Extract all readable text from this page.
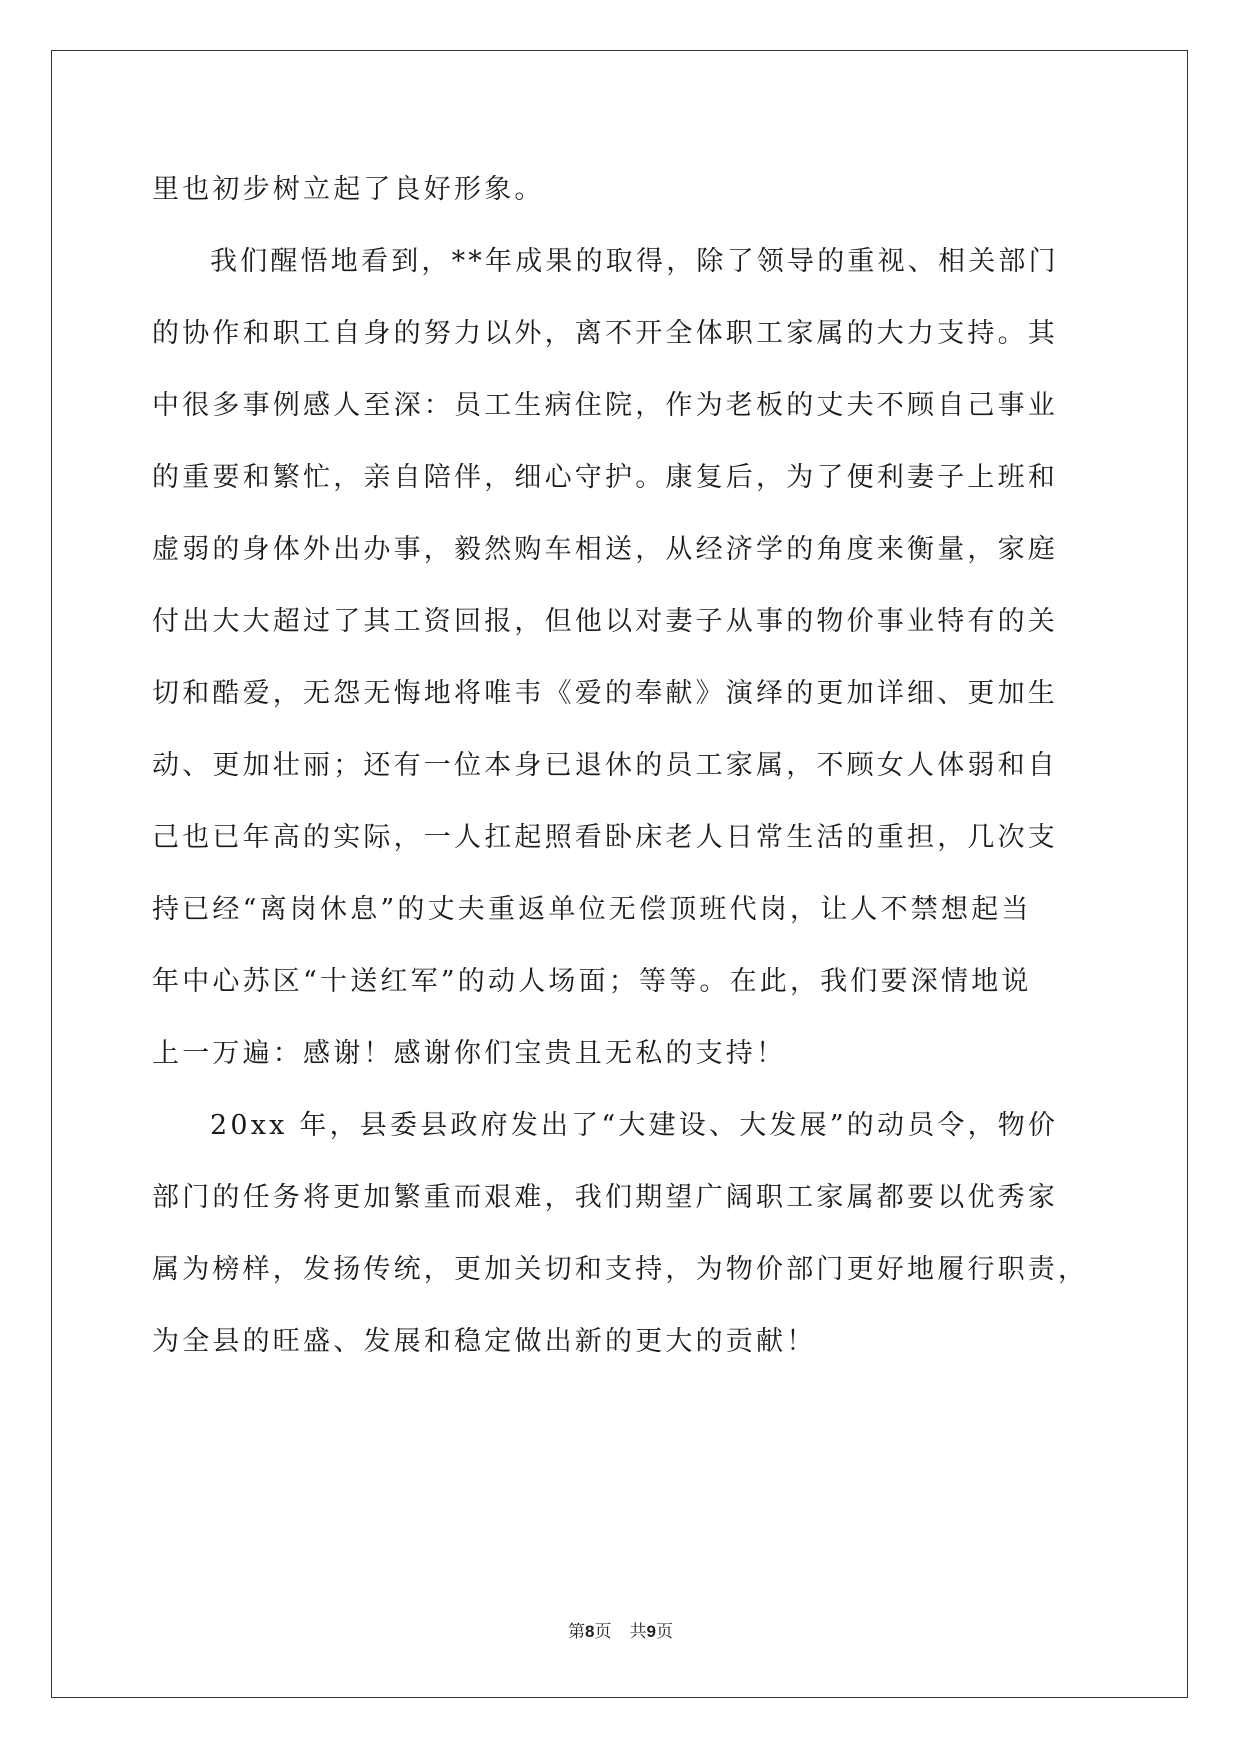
里也初步树立起了良好形象。
我们醒悟地看到，**年成果的取得，除了领导的重视、相关部门
的协作和职工自身的努力以外，离不开全体职工家属的大力支持。其
中很多事例感人至深：员工生病住院，作为老板的丈夫不顾自己事业
的重要和繁忙，亲自陪伴，细心守护。康复后，为了便利妻子上班和
虚弱的身体外出办事，毅然购车相送，从经济学的角度来衡量，家庭
付出大大超过了其工资回报，但他以对妻子从事的物价事业特有的关
切和酷爱，无怨无悔地将唯韦《爱的奉献》演绎的更加详细、更加生
动、更加壮丽；还有一位本身已退休的员工家属，不顾女人体弱和自
己也已年高的实际，一人扛起照看卧床老人日常生活的重担，几次支
持已经“离岗休息”的丈夫重返单位无偿顶班代岗，让人不禁想起当
年中心苏区“十送红军”的动人场面；等等。在此，我们要深情地说
上一万遍：感谢！感谢你们宝贵且无私的支持！
20xx 年，县委县政府发出了“大建设、大发展”的动员令，物价
部门的任务将更加繁重而艰难，我们期望广阔职工家属都要以优秀家
属为榜样，发扬传统，更加关切和支持，为物价部门更好地履行职责，
为全县的旺盛、发展和稳定做出新的更大的贡献！
第8页 共9页
